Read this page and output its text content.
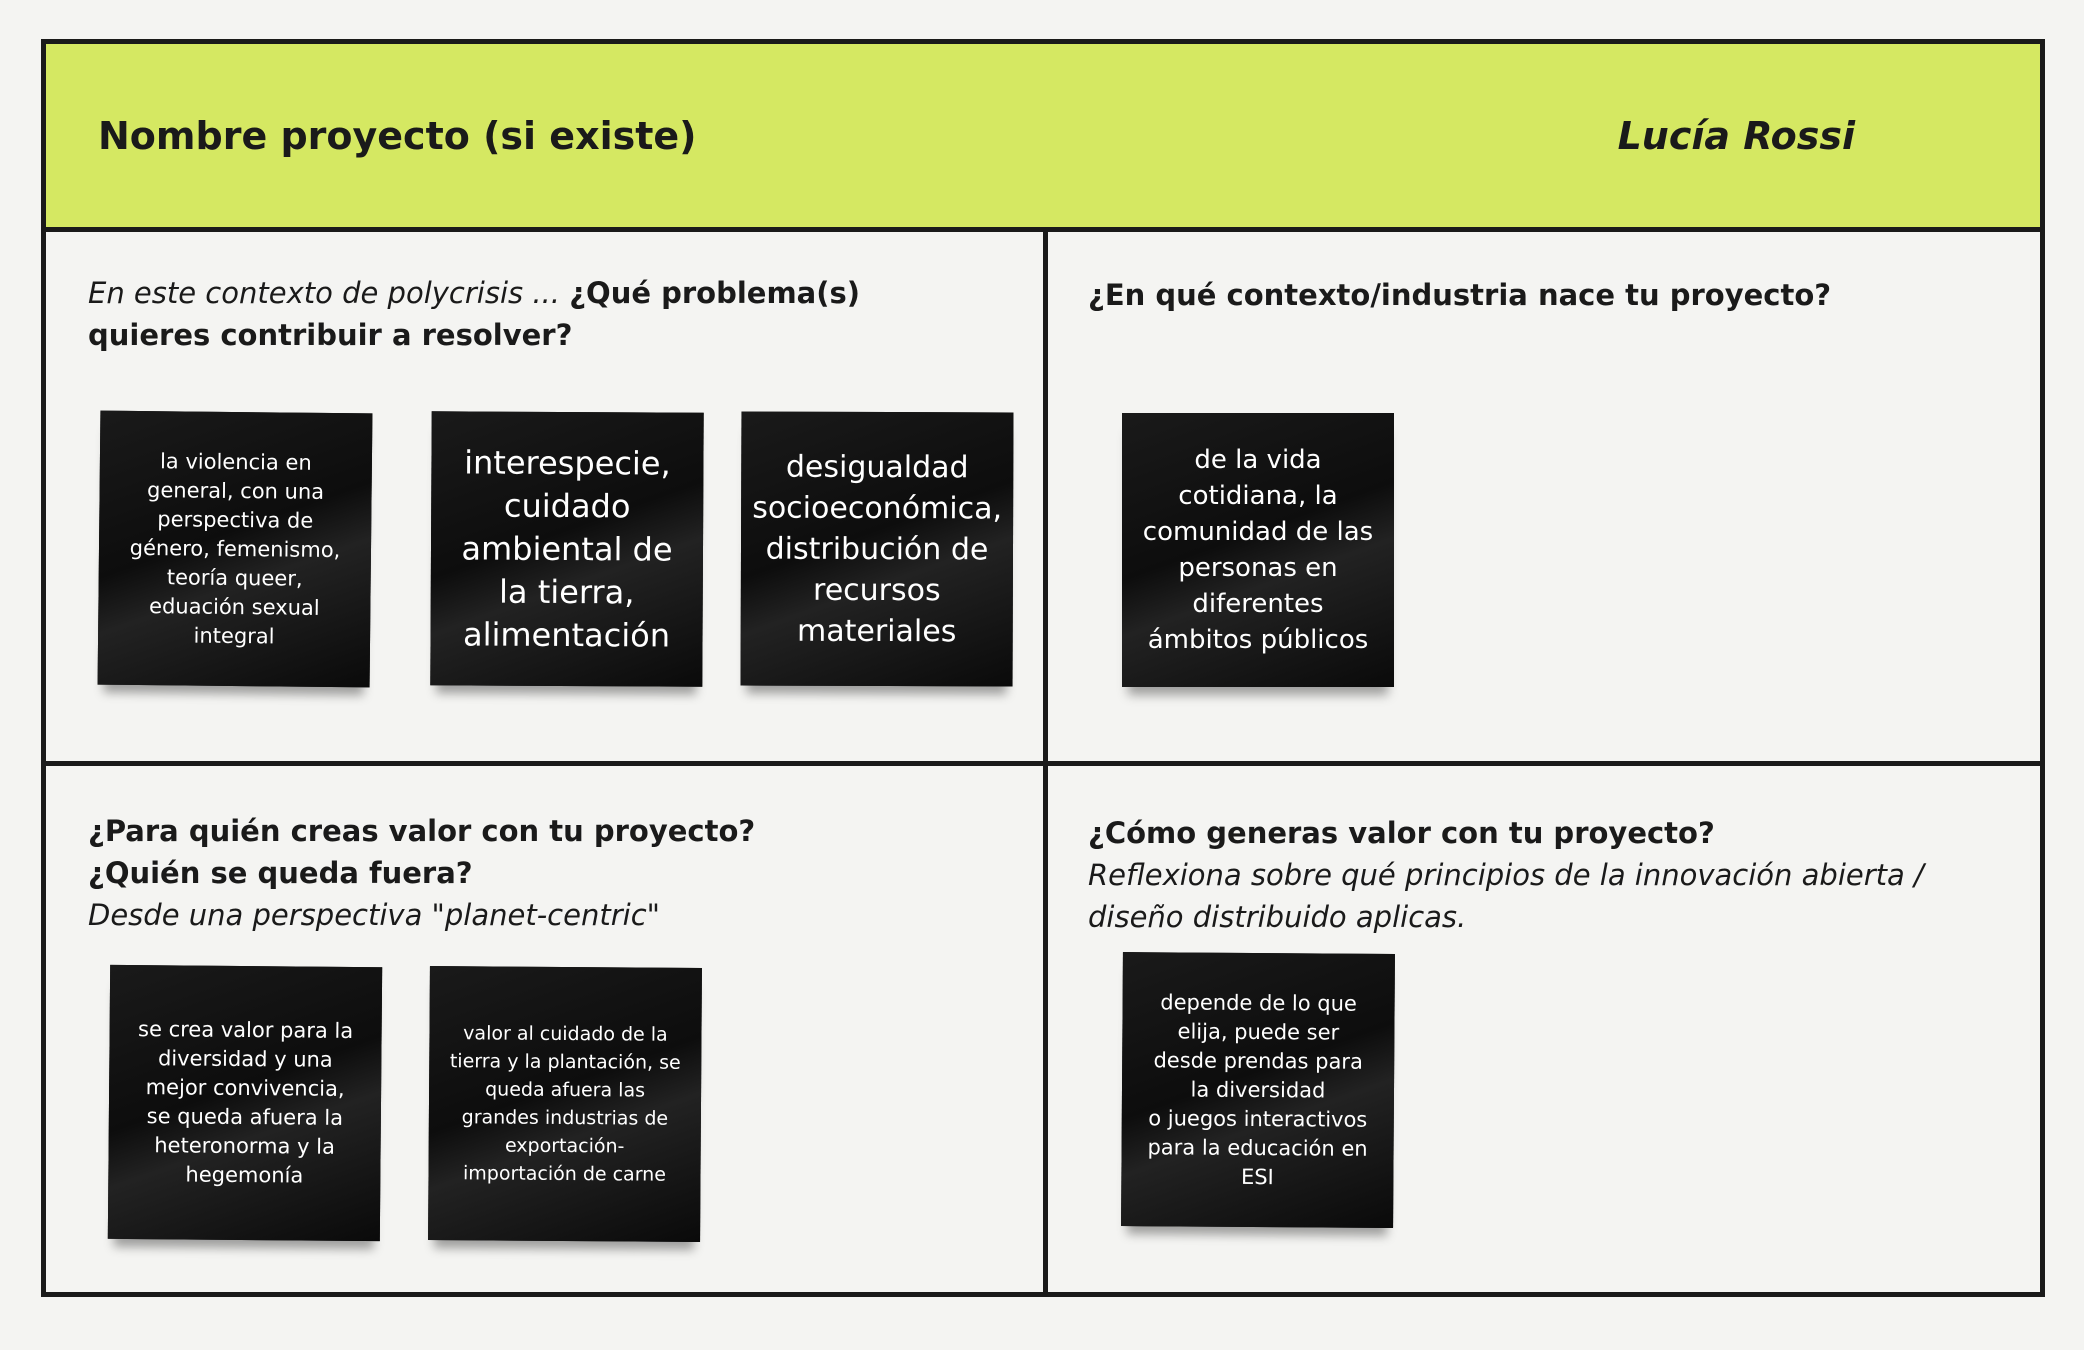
Nombre proyecto (si existe)	Lucía Rossi
En este contexto de polycrisis ... ¿Qué problema(s) quieres contribuir a resolver?
la violencia en
general, con una
perspectiva de
género, femenismo,
teoría queer,
eduación sexual
integral
interespecie,
cuidado
ambiental de
la tierra,
alimentación
desigualdad
socioeconómica,
distribución de
recursos
materiales
¿En qué contexto/industria nace tu proyecto?
de la vida
cotidiana, la
comunidad de las
personas en
diferentes
ámbitos públicos
¿Para quién creas valor con tu proyecto?
¿Quién se queda fuera?
Desde una perspectiva "planet-centric"
se crea valor para la
diversidad y una
mejor convivencia,
se queda afuera la
heteronorma y la
hegemonía
valor al cuidado de la
tierra y la plantación, se
queda afuera las
grandes industrias de
exportación-
importación de carne
¿Cómo generas valor con tu proyecto?
Reflexiona sobre qué principios de la innovación abierta / diseño distribuido aplicas.
depende de lo que
elija, puede ser
desde prendas para
la diversidad
o juegos interactivos
para la educación en
ESI
